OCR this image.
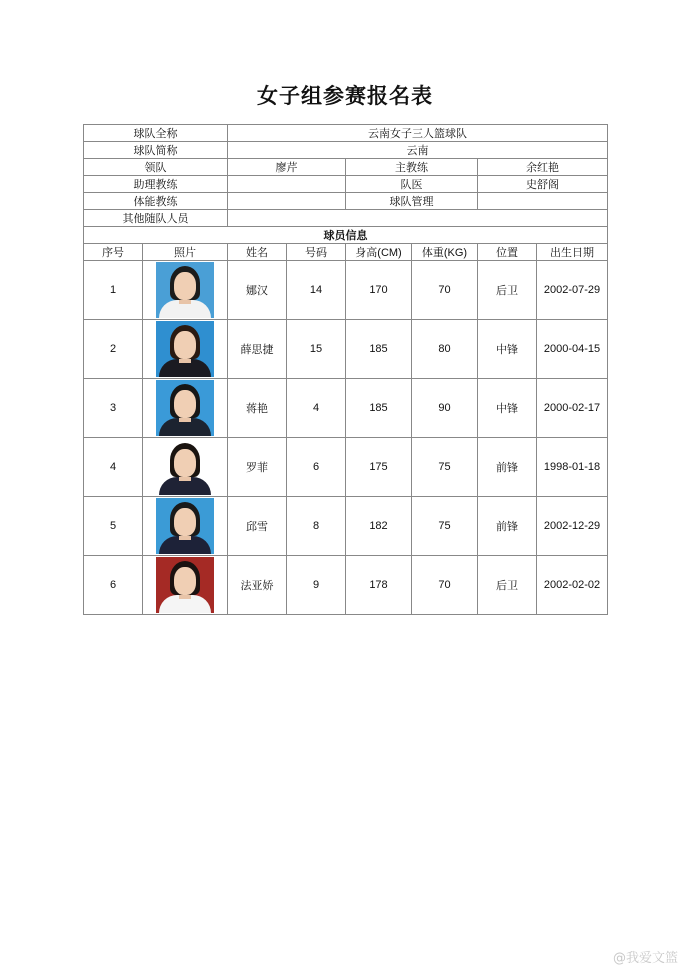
女子组参赛报名表
球队全称		云南女子三人篮球队					
球队简称		云南					
领队		廖芹		主教练		余红艳	
助理教练				队医		史舒阁	
体能教练				球队管理			
其他随队人员							
球员信息							
序号	照片	姓名	号码	身高(CM)	体重(KG)	位置	出生日期
1		娜汉	14	170	70	后卫	2002-07-29
2		薛思捷	15	185	80	中锋	2000-04-15
3		蒋艳	4	185	90	中锋	2000-02-17
4		罗菲	6	175	75	前锋	1998-01-18
5		邱雪	8	182	75	前锋	2002-12-29
6		法亚娇	9	178	70	后卫	2002-02-02
@我爱文篮
